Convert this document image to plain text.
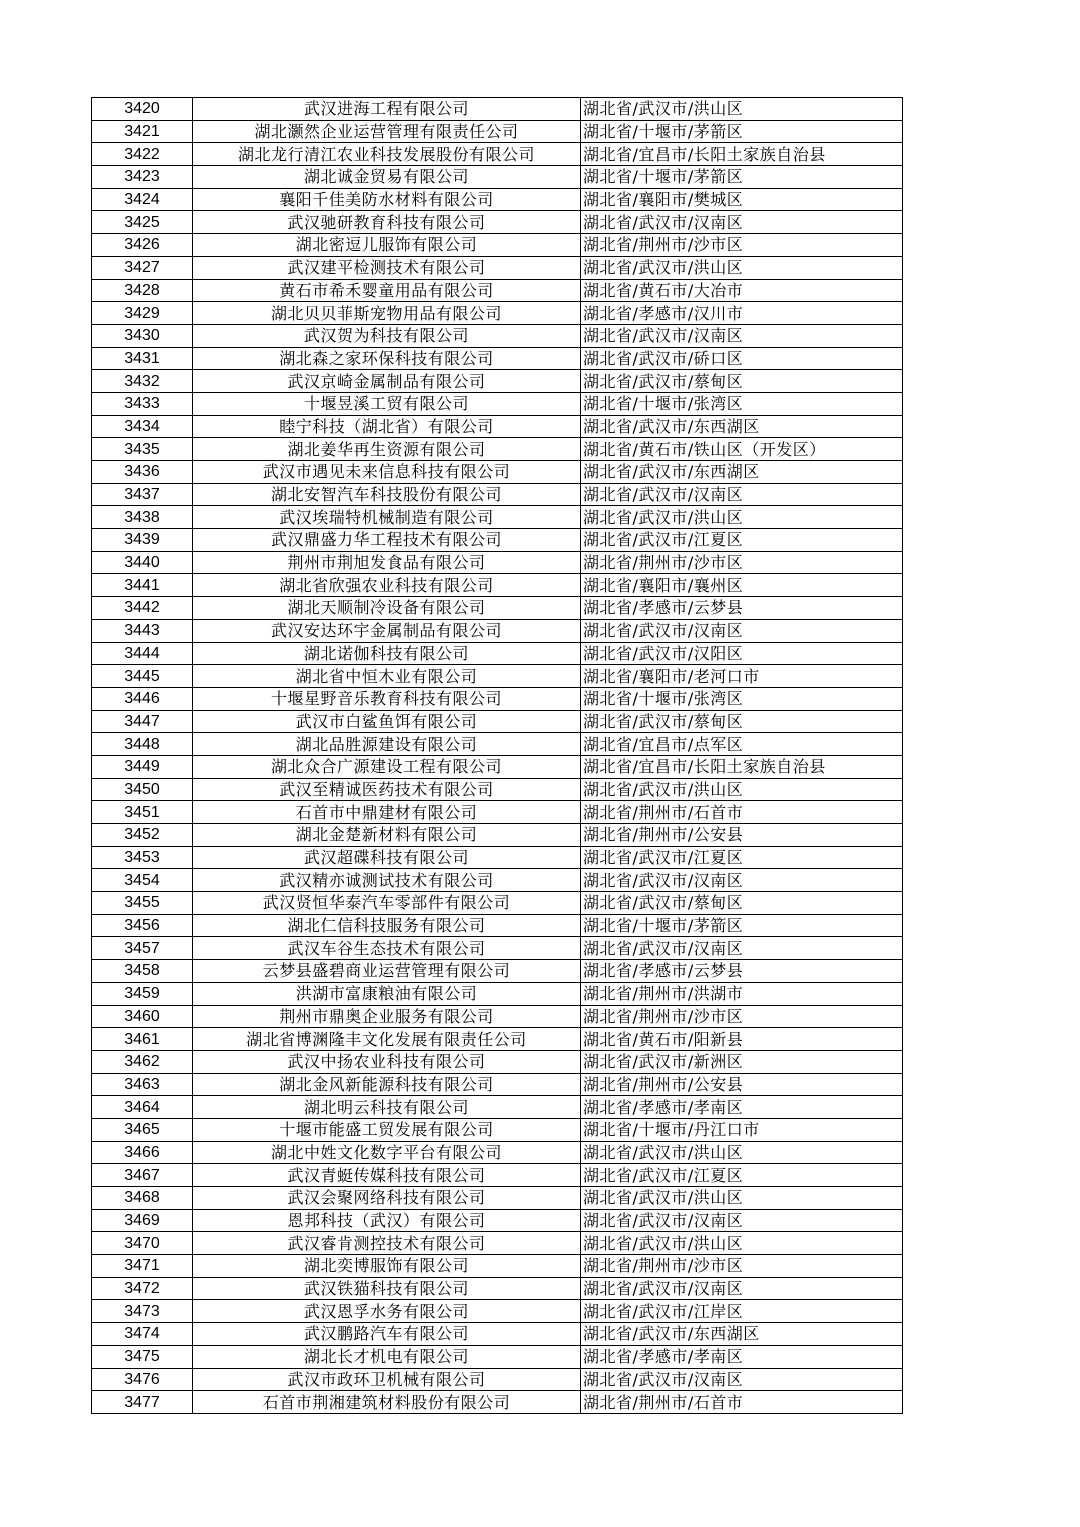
3420	武汉进海工程有限公司	湖北省/武汉市/洪山区
3421	湖北灏然企业运营管理有限责任公司	湖北省/十堰市/茅箭区
3422	湖北龙行清江农业科技发展股份有限公司	湖北省/宜昌市/长阳土家族自治县
3423	湖北诚金贸易有限公司	湖北省/十堰市/茅箭区
3424	襄阳千佳美防水材料有限公司	湖北省/襄阳市/樊城区
3425	武汉驰研教育科技有限公司	湖北省/武汉市/汉南区
3426	湖北密逗儿服饰有限公司	湖北省/荆州市/沙市区
3427	武汉建平检测技术有限公司	湖北省/武汉市/洪山区
3428	黄石市希禾婴童用品有限公司	湖北省/黄石市/大冶市
3429	湖北贝贝菲斯宠物用品有限公司	湖北省/孝感市/汉川市
3430	武汉贺为科技有限公司	湖北省/武汉市/汉南区
3431	湖北森之家环保科技有限公司	湖北省/武汉市/硚口区
3432	武汉京崎金属制品有限公司	湖北省/武汉市/蔡甸区
3433	十堰昱溪工贸有限公司	湖北省/十堰市/张湾区
3434	睦宁科技（湖北省）有限公司	湖北省/武汉市/东西湖区
3435	湖北姜华再生资源有限公司	湖北省/黄石市/铁山区（开发区）
3436	武汉市遇见未来信息科技有限公司	湖北省/武汉市/东西湖区
3437	湖北安智汽车科技股份有限公司	湖北省/武汉市/汉南区
3438	武汉埃瑞特机械制造有限公司	湖北省/武汉市/洪山区
3439	武汉鼎盛力华工程技术有限公司	湖北省/武汉市/江夏区
3440	荆州市荆旭发食品有限公司	湖北省/荆州市/沙市区
3441	湖北省欣强农业科技有限公司	湖北省/襄阳市/襄州区
3442	湖北天顺制冷设备有限公司	湖北省/孝感市/云梦县
3443	武汉安达环宇金属制品有限公司	湖北省/武汉市/汉南区
3444	湖北诺伽科技有限公司	湖北省/武汉市/汉阳区
3445	湖北省中恒木业有限公司	湖北省/襄阳市/老河口市
3446	十堰星野音乐教育科技有限公司	湖北省/十堰市/张湾区
3447	武汉市白鲨鱼饵有限公司	湖北省/武汉市/蔡甸区
3448	湖北品胜源建设有限公司	湖北省/宜昌市/点军区
3449	湖北众合广源建设工程有限公司	湖北省/宜昌市/长阳土家族自治县
3450	武汉至精诚医药技术有限公司	湖北省/武汉市/洪山区
3451	石首市中鼎建材有限公司	湖北省/荆州市/石首市
3452	湖北金楚新材料有限公司	湖北省/荆州市/公安县
3453	武汉超碟科技有限公司	湖北省/武汉市/江夏区
3454	武汉精亦诚测试技术有限公司	湖北省/武汉市/汉南区
3455	武汉贤恒华泰汽车零部件有限公司	湖北省/武汉市/蔡甸区
3456	湖北仁信科技服务有限公司	湖北省/十堰市/茅箭区
3457	武汉车谷生态技术有限公司	湖北省/武汉市/汉南区
3458	云梦县盛碧商业运营管理有限公司	湖北省/孝感市/云梦县
3459	洪湖市富康粮油有限公司	湖北省/荆州市/洪湖市
3460	荆州市鼎奥企业服务有限公司	湖北省/荆州市/沙市区
3461	湖北省博渊隆丰文化发展有限责任公司	湖北省/黄石市/阳新县
3462	武汉中扬农业科技有限公司	湖北省/武汉市/新洲区
3463	湖北金风新能源科技有限公司	湖北省/荆州市/公安县
3464	湖北明云科技有限公司	湖北省/孝感市/孝南区
3465	十堰市能盛工贸发展有限公司	湖北省/十堰市/丹江口市
3466	湖北中姓文化数字平台有限公司	湖北省/武汉市/洪山区
3467	武汉青蜓传媒科技有限公司	湖北省/武汉市/江夏区
3468	武汉会聚网络科技有限公司	湖北省/武汉市/洪山区
3469	恩邦科技（武汉）有限公司	湖北省/武汉市/汉南区
3470	武汉睿肯测控技术有限公司	湖北省/武汉市/洪山区
3471	湖北奕博服饰有限公司	湖北省/荆州市/沙市区
3472	武汉铁猫科技有限公司	湖北省/武汉市/汉南区
3473	武汉恩孚水务有限公司	湖北省/武汉市/江岸区
3474	武汉鹏路汽车有限公司	湖北省/武汉市/东西湖区
3475	湖北长才机电有限公司	湖北省/孝感市/孝南区
3476	武汉市政环卫机械有限公司	湖北省/武汉市/汉南区
3477	石首市荆湘建筑材料股份有限公司	湖北省/荆州市/石首市
